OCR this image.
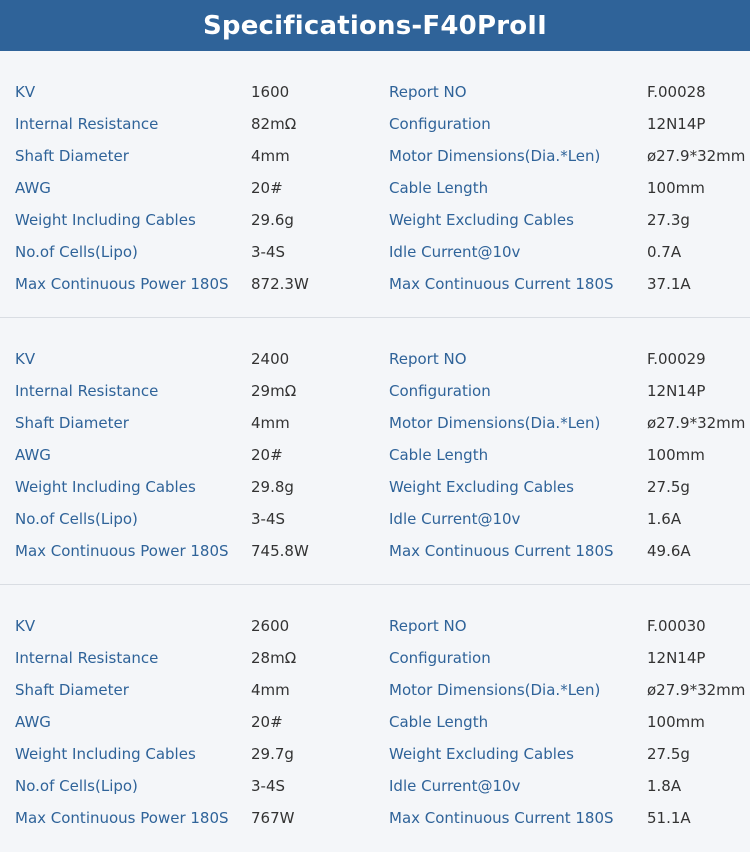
Specifications-F40ProII
KV	1600	Report NO	F.00028
Internal Resistance	82mΩ	Configuration	12N14P
Shaft Diameter	4mm	Motor Dimensions(Dia.*Len)	ø27.9*32mm
AWG	20#	Cable Length	100mm
Weight Including Cables	29.6g	Weight Excluding Cables	27.3g
No.of Cells(Lipo)	3-4S	Idle Current@10v	0.7A
Max Continuous Power 180S 872.3W	Max Continuous Current 180S 37.1A
KV	2400	Report NO	F.00029
Internal Resistance	29mΩ	Configuration	12N14P
Shaft Diameter	4mm	Motor Dimensions(Dia.*Len)	ø27.9*32mm
AWG	20#	Cable Length	100mm
Weight Including Cables	29.8g	Weight Excluding Cables	27.5g
No.of Cells(Lipo)	3-4S	Idle Current@10v	1.6A
Max Continuous Power 180S 745.8W	Max Continuous Current 180S 49.6A
KV	2600	Report NO	F.00030
Internal Resistance	28mΩ	Configuration	12N14P
Shaft Diameter	4mm	Motor Dimensions(Dia.*Len)	ø27.9*32mm
AWG	20#	Cable Length	100mm
Weight Including Cables	29.7g	Weight Excluding Cables	27.5g
No.of Cells(Lipo)	3-4S	Idle Current@10v	1.8A
Max Continuous Power 180S 767W	Max Continuous Current 180S 51.1A
